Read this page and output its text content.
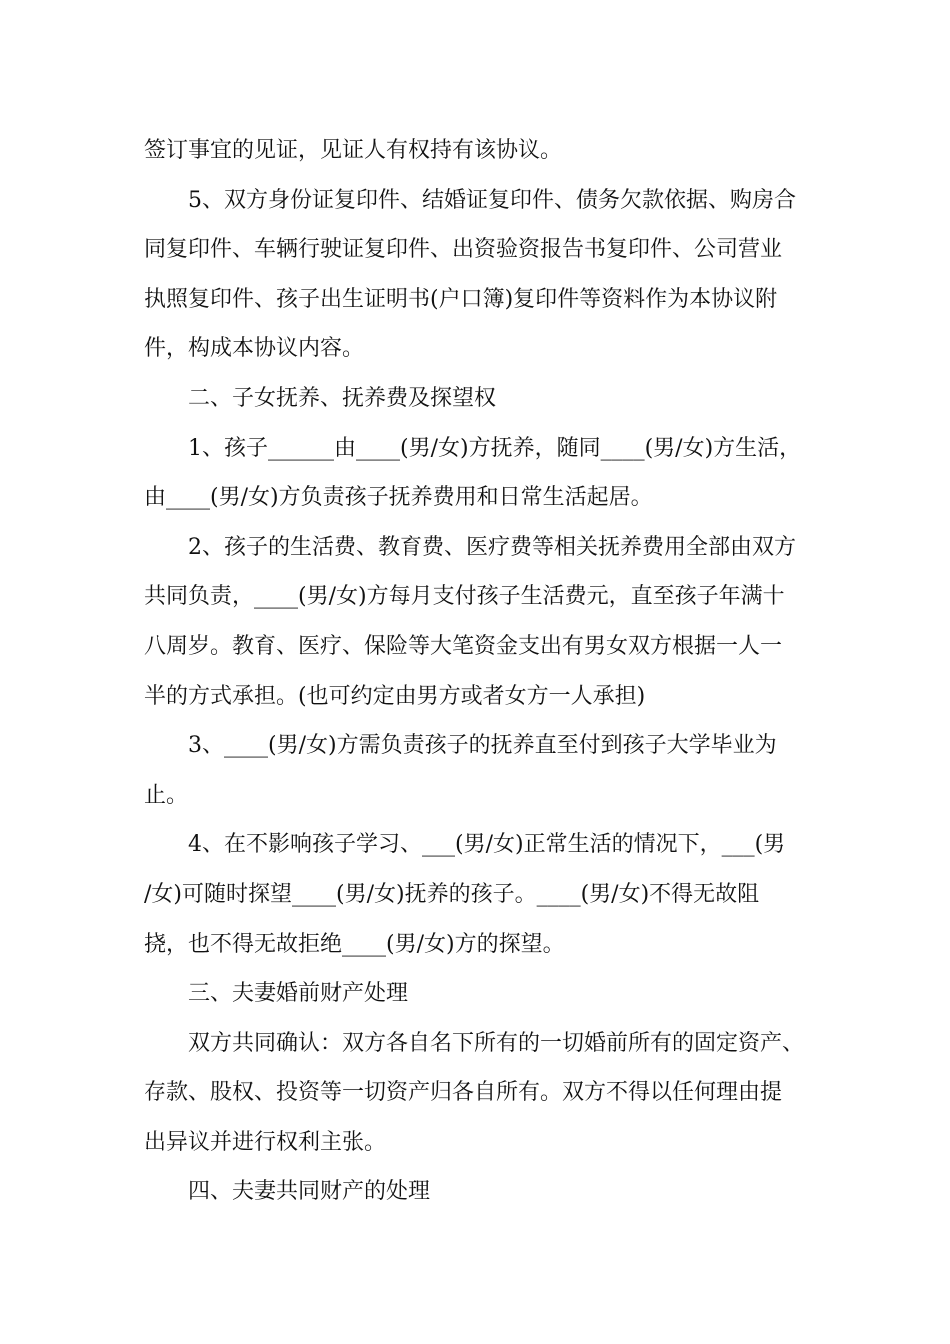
签订事宜的见证，见证人有权持有该协议。
5、双方身份证复印件、结婚证复印件、债务欠款依据、购房合
同复印件、车辆行驶证复印件、出资验资报告书复印件、公司营业
执照复印件、孩子出生证明书(户口簿)复印件等资料作为本协议附
件，构成本协议内容。
二、子女抚养、抚养费及探望权
1、孩子______由____(男/女)方抚养，随同____(男/女)方生活，
由____(男/女)方负责孩子抚养费用和日常生活起居。
2、孩子的生活费、教育费、医疗费等相关抚养费用全部由双方
共同负责，____(男/女)方每月支付孩子生活费元，直至孩子年满十
八周岁。教育、医疗、保险等大笔资金支出有男女双方根据一人一
半的方式承担。(也可约定由男方或者女方一人承担)
3、____(男/女)方需负责孩子的抚养直至付到孩子大学毕业为
止。
4、在不影响孩子学习、___(男/女)正常生活的情况下，___(男
/女)可随时探望____(男/女)抚养的孩子。____(男/女)不得无故阻
挠，也不得无故拒绝____(男/女)方的探望。
三、夫妻婚前财产处理
双方共同确认：双方各自名下所有的一切婚前所有的固定资产、
存款、股权、投资等一切资产归各自所有。双方不得以任何理由提
出异议并进行权利主张。
四、夫妻共同财产的处理
